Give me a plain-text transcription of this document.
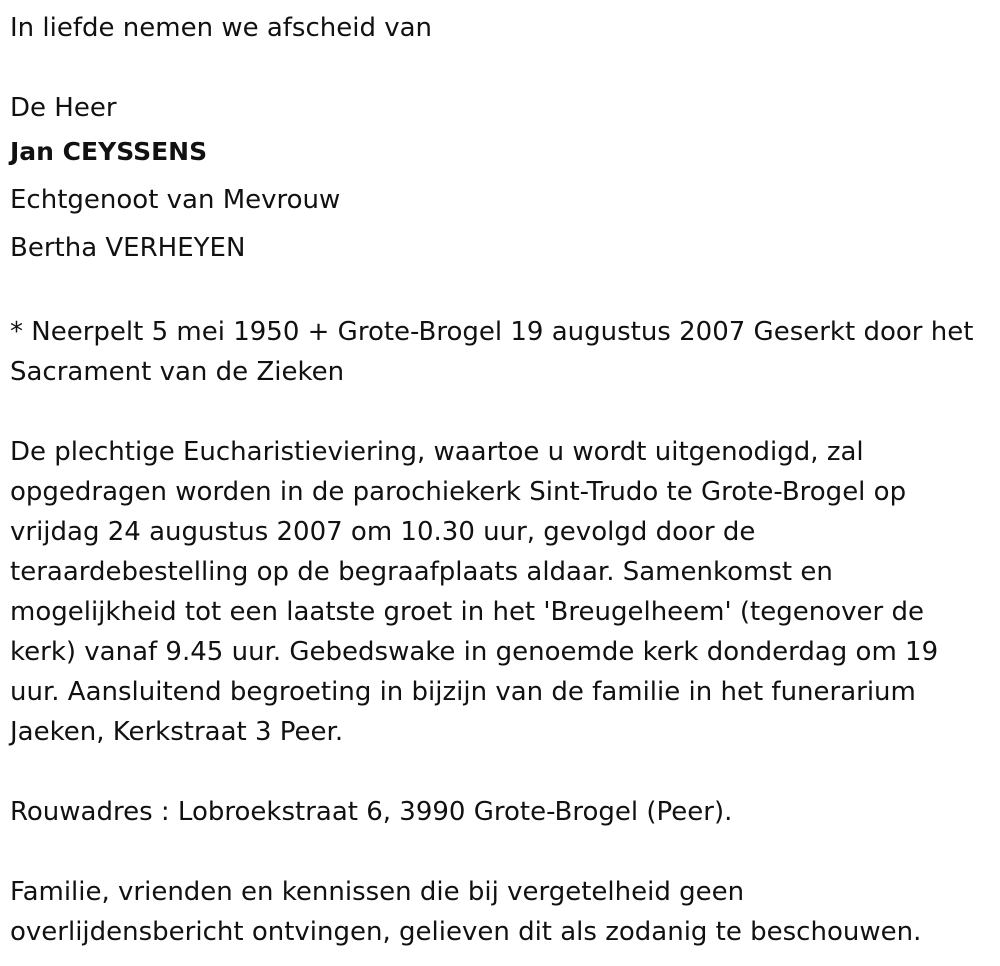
In liefde nemen we afscheid van

De Heer

Jan CEYSSENS

Echtgenoot van Mevrouw

Bertha VERHEYEN

* Neerpelt 5 mei 1950 + Grote-Brogel 19 augustus 2007 Geserkt door het

Sacrament van de Zieken

De plechtige Eucharistieviering, waartoe u wordt uitgenodigd, zal

opgedragen worden in de parochiekerk Sint-Trudo te Grote-Brogel op

vrijdag 24 augustus 2007 om 10.30 uur, gevolgd door de

teraardebestelling op de begraafplaats aldaar. Samenkomst en

mogelijkheid tot een laatste groet in het 'Breugelheem' (tegenover de

kerk) vanaf 9.45 uur. Gebedswake in genoemde kerk donderdag om 19

uur. Aansluitend begroeting in bijzijn van de familie in het funerarium

Jaeken, Kerkstraat 3 Peer.

Rouwadres : Lobroekstraat 6, 3990 Grote-Brogel (Peer).

Familie, vrienden en kennissen die bij vergetelheid geen

overlijdensbericht ontvingen, gelieven dit als zodanig te beschouwen.
